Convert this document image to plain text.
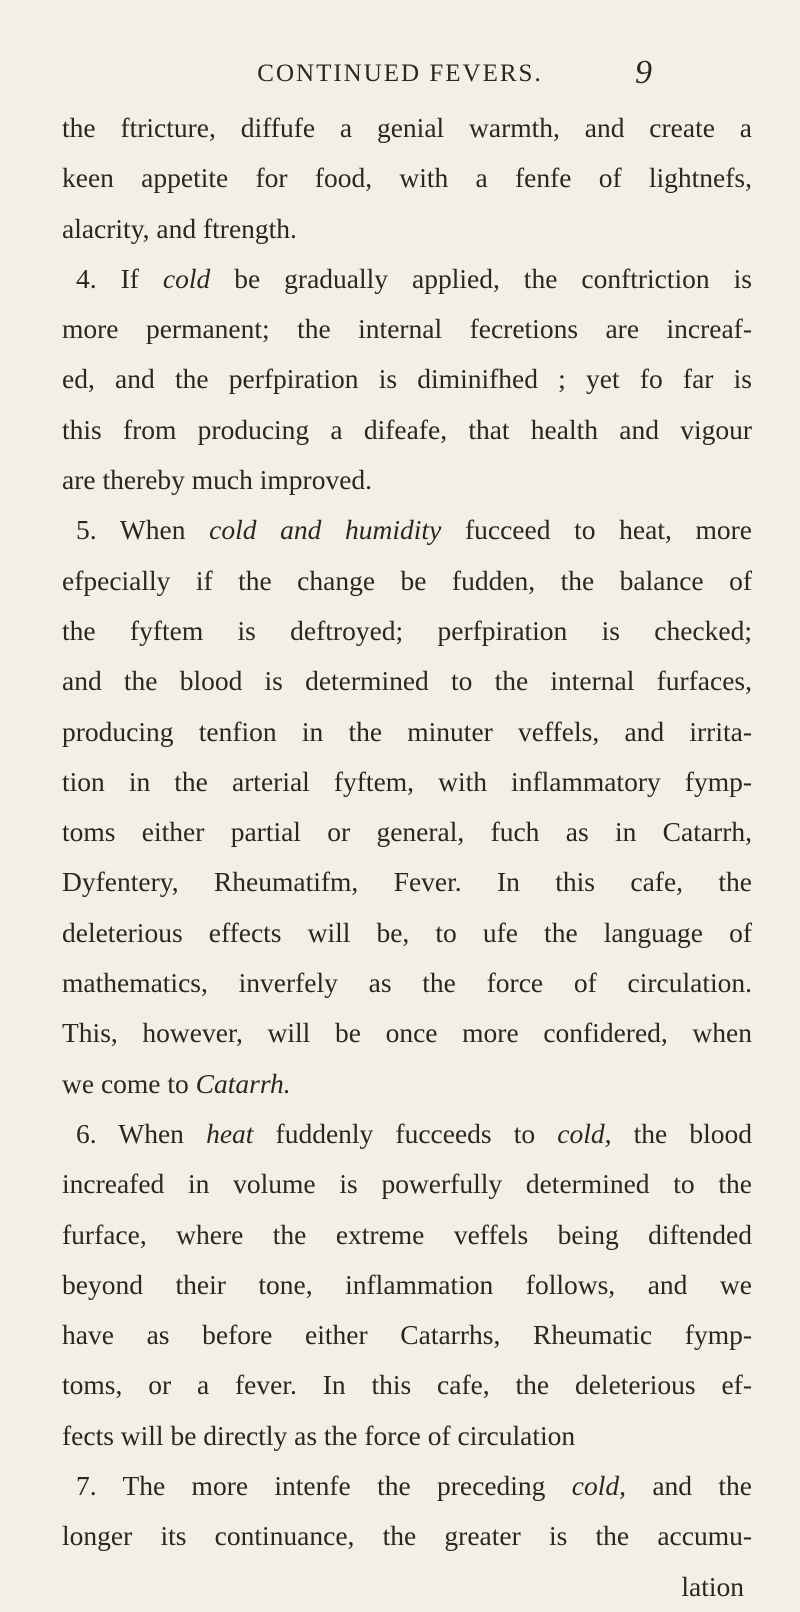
CONTINUED FEVERS.	9
the ftricture, diffufe a genial warmth, and create a
keen appetite for food, with a fenfe of lightnefs,
alacrity, and ftrength.
4. If cold be gradually applied, the conftriction is
more permanent; the internal fecretions are increaf-
ed, and the perfpiration is diminifhed ; yet fo far is
this from producing a difeafe, that health and vigour
are thereby much improved.
5. When cold and humidity fucceed to heat, more
efpecially if the change be fudden, the balance of
the fyftem is deftroyed; perfpiration is checked;
and the blood is determined to the internal furfaces,
producing tenfion in the minuter veffels, and irrita-
tion in the arterial fyftem, with inflammatory fymp-
toms either partial or general, fuch as in Catarrh,
Dyfentery, Rheumatifm, Fever. In this cafe, the
deleterious effects will be, to ufe the language of
mathematics, inverfely as the force of circulation.
This, however, will be once more confidered, when
we come to Catarrh.
6. When heat fuddenly fucceeds to cold, the blood
increafed in volume is powerfully determined to the
furface, where the extreme veffels being diftended
beyond their tone, inflammation follows, and we
have as before either Catarrhs, Rheumatic fymp-
toms, or a fever. In this cafe, the deleterious ef-
fects will be directly as the force of circulation
7. The more intenfe the preceding cold, and the
longer its continuance, the greater is the accumu-
lation
